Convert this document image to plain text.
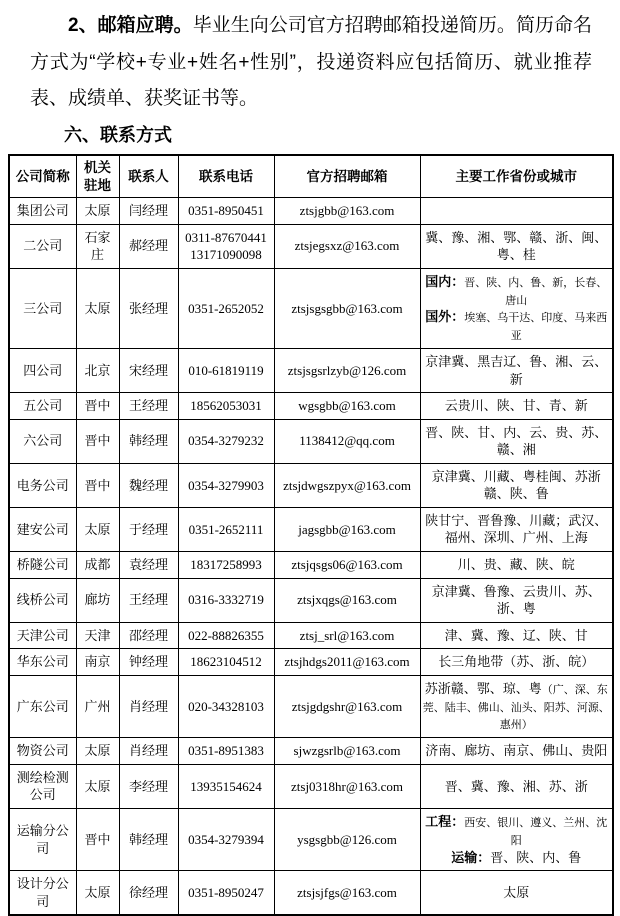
2、邮箱应聘。毕业生向公司官方招聘邮箱投递简历。简历命名方式为“学校+专业+姓名+性别”，投递资料应包括简历、就业推荐表、成绩单、获奖证书等。

六、联系方式
公司简称	机关驻地	联系人	联系电话	官方招聘邮箱	主要工作省份或城市
集团公司	太原	闫经理	0351-8950451	ztsjgbb@163.com	
二公司	石家庄	郝经理	0311-87670441
13171090098	ztsjegsxz@163.com	冀、豫、湘、鄂、赣、浙、闽、粤、桂

三公司	太原	张经理	0351-2652052	ztsjsgsgbb@163.com	国内：晋、陕、内、鲁、新，长春、唐山
国外：埃塞、乌干达、印度、马来西亚

四公司	北京	宋经理	010-61819119	ztsjsgsrlzyb@126.com	京津冀、黑吉辽、鲁、湘、云、新

五公司	晋中	王经理	18562053031	wgsgbb@163.com	云贵川、陕、甘、青、新

六公司	晋中	韩经理	0354-3279232	1138412@qq.com	晋、陕、甘、内、云、贵、苏、赣、湘

电务公司	晋中	魏经理	0354-3279903	ztsjdwgszpyx@163.com	京津冀、川藏、粤桂闽、苏浙赣、陕、鲁

建安公司	太原	于经理	0351-2652111	jagsgbb@163.com	陕甘宁、晋鲁豫、川藏；武汉、福州、深圳、广州、上海

桥隧公司	成都	袁经理	18317258993	ztsjqsgs06@163.com	川、贵、藏、陕、皖

线桥公司	廊坊	王经理	0316-3332719	ztsjxqgs@163.com	京津冀、鲁豫、云贵川、苏、浙、粤

天津公司	天津	邵经理	022-88826355	ztsj_srl@163.com	津、冀、豫、辽、陕、甘

华东公司	南京	钟经理	18623104512	ztsjhdgs2011@163.com	长三角地带（苏、浙、皖）

广东公司	广州	肖经理	020-34328103	ztsjgdgshr@163.com	苏浙赣、鄂、琼、粤（广、深、东莞、陆丰、佛山、汕头、阳苏、河源、惠州）

物资公司	太原	肖经理	0351-8951383	sjwzgsrlb@163.com	济南、廊坊、南京、佛山、贵阳

测绘检测公司	太原	李经理	13935154624	ztsj0318hr@163.com	晋、冀、豫、湘、苏、浙

运输分公司	晋中	韩经理	0354-3279394	ysgsgbb@126.com	工程：西安、银川、遵义、兰州、沈阳
运输：晋、陕、内、鲁

设计分公司	太原	徐经理	0351-8950247	ztsjsjfgs@163.com	太原
